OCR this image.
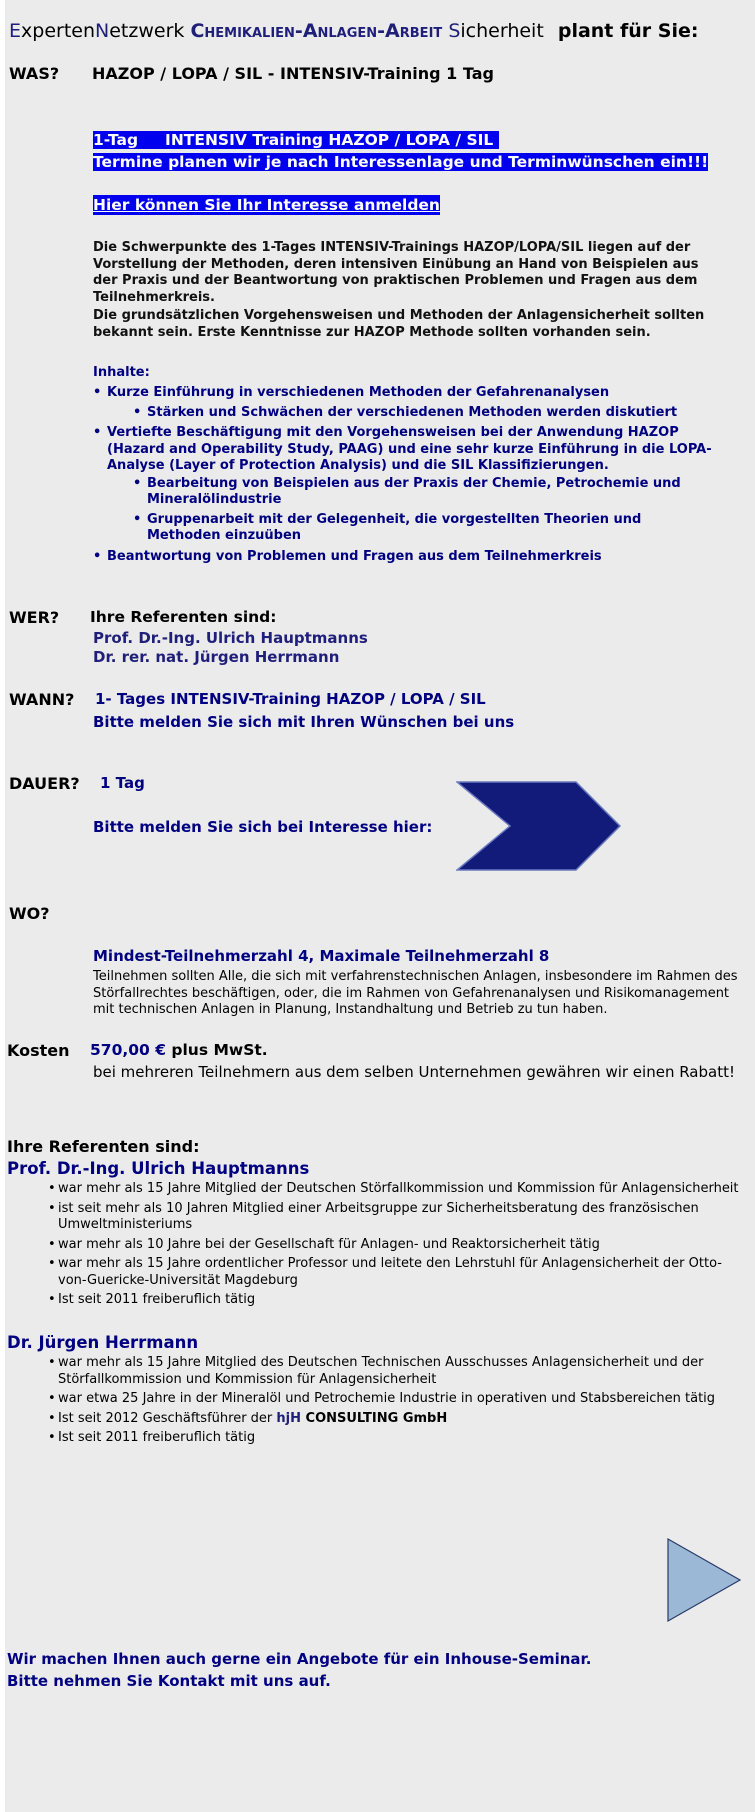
ExpertenNetzwerk Chemikalien-Anlagen-Arbeit Sicherheit plant für Sie:
WAS? HAZOP / LOPA / SIL - INTENSIV-Training 1 Tag
1-Tag     INTENSIV Training HAZOP / LOPA / SIL
Termine planen wir je nach Interessenlage und Terminwünschen ein!!!
Hier können Sie Ihr Interesse anmelden
Die Schwerpunkte des 1-Tages INTENSIV-Trainings HAZOP/LOPA/SIL liegen auf der Vorstellung der Methoden, deren intensiven Einübung an Hand von Beispielen aus der Praxis und der Beantwortung von praktischen Problemen und Fragen aus dem Teilnehmerkreis.
Die grundsätzlichen Vorgehensweisen und Methoden der Anlagensicherheit sollten bekannt sein. Erste Kenntnisse zur HAZOP Methode sollten vorhanden sein.
Inhalte:
• Kurze Einführung in verschiedenen Methoden der Gefahrenanalysen
• Stärken und Schwächen der verschiedenen Methoden werden diskutiert
• Vertiefte Beschäftigung mit den Vorgehensweisen bei der Anwendung HAZOP (Hazard and Operability Study, PAAG) und eine sehr kurze Einführung in die LOPA-Analyse (Layer of Protection Analysis) und die SIL Klassifizierungen.
• Bearbeitung von Beispielen aus der Praxis der Chemie, Petrochemie und Mineralölindustrie
• Gruppenarbeit mit der Gelegenheit, die vorgestellten Theorien und Methoden einzuüben
• Beantwortung von Problemen und Fragen aus dem Teilnehmerkreis
WER? Ihre Referenten sind:
Prof. Dr.-Ing. Ulrich Hauptmanns
Dr. rer. nat. Jürgen Herrmann
WANN? 1- Tages INTENSIV-Training HAZOP / LOPA / SIL
Bitte melden Sie sich mit Ihren Wünschen bei uns
DAUER? 1 Tag
Bitte melden Sie sich bei Interesse hier:
WO?
Mindest-Teilnehmerzahl 4, Maximale Teilnehmerzahl 8
Teilnehmen sollten Alle, die sich mit verfahrenstechnischen Anlagen, insbesondere im Rahmen des Störfallrechtes beschäftigen, oder, die im Rahmen von Gefahrenanalysen und Risikomanagement mit technischen Anlagen in Planung, Instandhaltung und Betrieb zu tun haben.
Kosten 570,00 € plus MwSt.
bei mehreren Teilnehmern aus dem selben Unternehmen gewähren wir einen Rabatt!
Ihre Referenten sind:
Prof. Dr.-Ing. Ulrich Hauptmanns
• war mehr als 15 Jahre Mitglied der Deutschen Störfallkommission und Kommission für Anlagensicherheit
• ist seit mehr als 10 Jahren Mitglied einer Arbeitsgruppe zur Sicherheitsberatung des französischen Umweltministeriums
• war mehr als 10 Jahre bei der Gesellschaft für Anlagen- und Reaktorsicherheit tätig
• war mehr als 15 Jahre ordentlicher Professor und leitete den Lehrstuhl für Anlagensicherheit der Otto-von-Guericke-Universität Magdeburg
• Ist seit 2011 freiberuflich tätig
Dr. Jürgen Herrmann
• war mehr als 15 Jahre Mitglied des Deutschen Technischen Ausschusses Anlagensicherheit und der Störfallkommission und Kommission für Anlagensicherheit
• war etwa 25 Jahre in der Mineralöl und Petrochemie Industrie in operativen und Stabsbereichen tätig
• Ist seit 2012 Geschäftsführer der hjH CONSULTING GmbH
• Ist seit 2011 freiberuflich tätig
Wir machen Ihnen auch gerne ein Angebote für ein Inhouse-Seminar.
Bitte nehmen Sie Kontakt mit uns auf.
